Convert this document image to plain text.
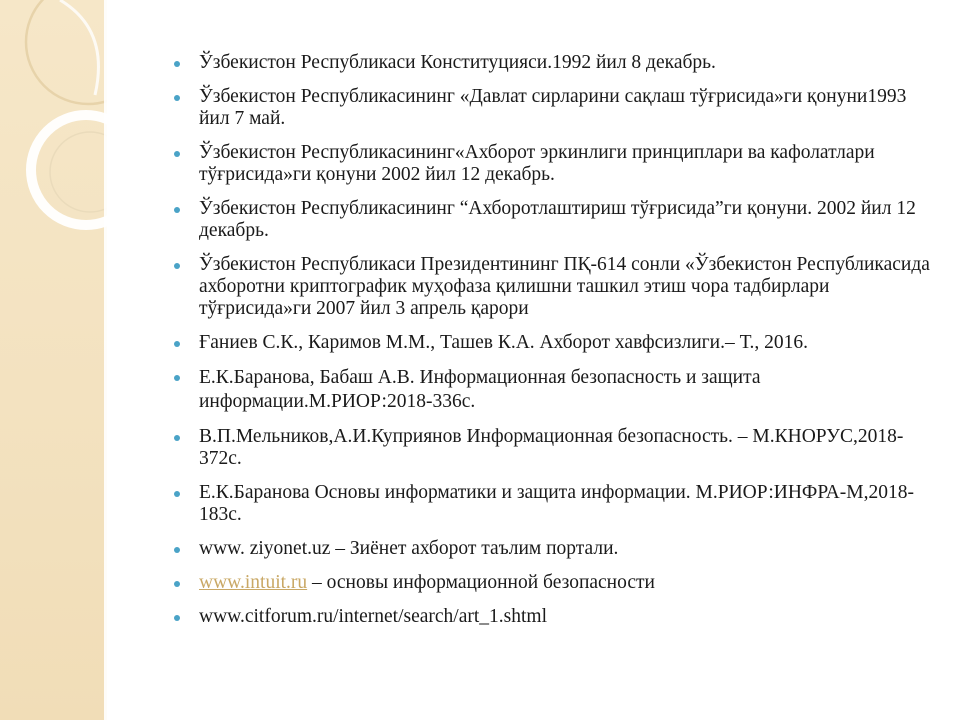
Ўзбекистон Республикаси Конституцияси.1992 йил 8 декабрь.
Ўзбекистон Республикасининг «Давлат сирларини сақлаш тўғрисида»ги қонуни1993 йил 7 май.
Ўзбекистон Республикасининг«Ахборот эркинлиги принциплари ва кафолатлари тўғрисида»ги қонуни 2002 йил 12 декабрь.
Ўзбекистон Республикасининг “Ахборотлаштириш тўғрисида”ги қонуни. 2002 йил 12 декабрь.
Ўзбекистон Республикаси Президентининг ПҚ-614 сонли «Ўзбекистон Республикасида ахборотни криптографик муҳофаза қилишни ташкил этиш чора тадбирлари тўғрисида»ги 2007 йил 3 апрель қарори
Ғаниев С.К., Каримов М.М., Ташев К.А. Ахборот хавфсизлиги.– Т., 2016.
Е.К.Баранова, Бабаш А.В. Информационная безопасность и защита информации.М.РИОР:2018-336с.
В.П.Мельников,А.И.Куприянов Информационная безопасность. – М.КНОРУС,2018-372с.
Е.К.Баранова Основы информатики и защита информации. М.РИОР:ИНФРА-М,2018-183с.
www. ziyonet.uz – Зиёнет ахборот таълим портали.
www.intuit.ru – основы информационной безопасности
www.citforum.ru/internet/search/art_1.shtml
